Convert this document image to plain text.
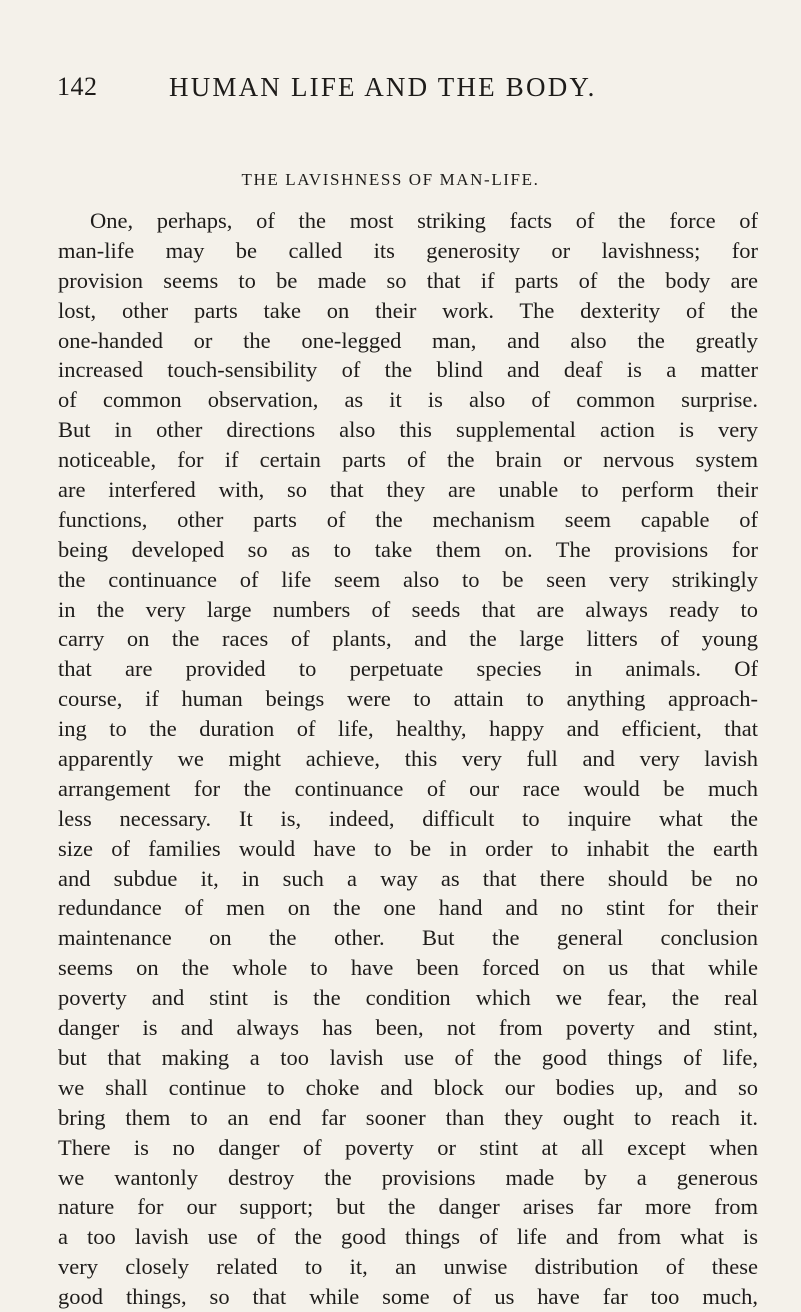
142	HUMAN LIFE AND THE BODY.
THE LAVISHNESS OF MAN-LIFE.
One, perhaps, of the most striking facts of the force of
man-life may be called its generosity or lavishness; for
provision seems to be made so that if parts of the body are
lost, other parts take on their work. The dexterity of the
one-handed or the one-legged man, and also the greatly
increased touch-sensibility of the blind and deaf is a matter
of common observation, as it is also of common surprise.
But in other directions also this supplemental action is very
noticeable, for if certain parts of the brain or nervous system
are interfered with, so that they are unable to perform their
functions, other parts of the mechanism seem capable of
being developed so as to take them on. The provisions for
the continuance of life seem also to be seen very strikingly
in the very large numbers of seeds that are always ready to
carry on the races of plants, and the large litters of young
that are provided to perpetuate species in animals. Of
course, if human beings were to attain to anything approach-
ing to the duration of life, healthy, happy and efficient, that
apparently we might achieve, this very full and very lavish
arrangement for the continuance of our race would be much
less necessary. It is, indeed, difficult to inquire what the
size of families would have to be in order to inhabit the earth
and subdue it, in such a way as that there should be no
redundance of men on the one hand and no stint for their
maintenance on the other. But the general conclusion
seems on the whole to have been forced on us that while
poverty and stint is the condition which we fear, the real
danger is and always has been, not from poverty and stint,
but that making a too lavish use of the good things of life,
we shall continue to choke and block our bodies up, and so
bring them to an end far sooner than they ought to reach it.
There is no danger of poverty or stint at all except when
we wantonly destroy the provisions made by a generous
nature for our support; but the danger arises far more from
a too lavish use of the good things of life and from what is
very closely related to it, an unwise distribution of these
good things, so that while some of us have far too much,
